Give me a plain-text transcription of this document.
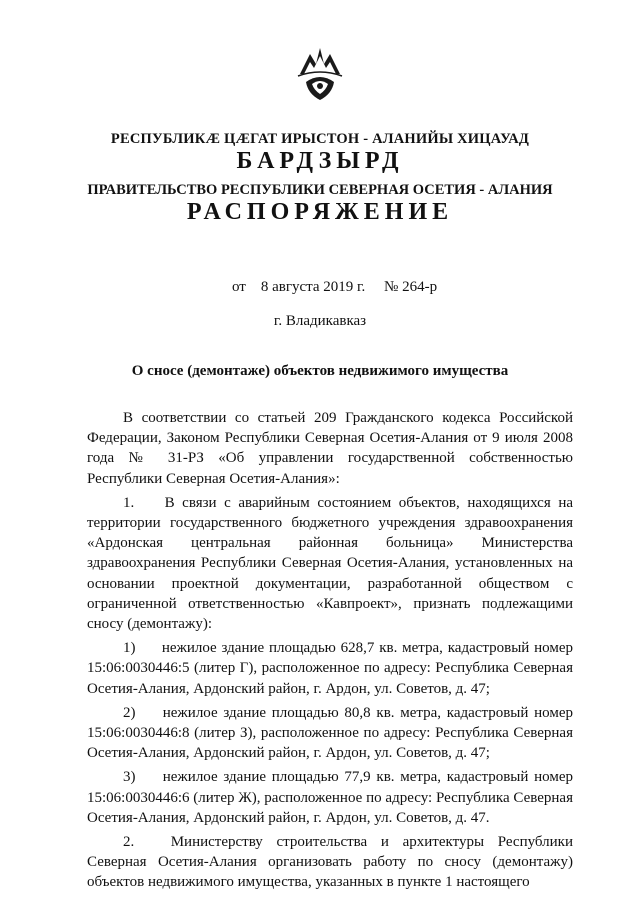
РЕСПУБЛИКӔ ЦӔГАТ ИРЫСТОН - АЛАНИЙЫ ХИЦАУАД
БАРДЗЫРД
ПРАВИТЕЛЬСТВО РЕСПУБЛИКИ СЕВЕРНАЯ ОСЕТИЯ - АЛАНИЯ
РАСПОРЯЖЕНИЕ
от 8 августа 2019 г. № 264-р
г. Владикавказ
О сносе (демонтаже) объектов недвижимого имущества

В соответствии со статьей 209 Гражданского кодекса Российской Федерации, Законом Республики Северная Осетия-Алания от 9 июля 2008 года № 31-РЗ «Об управлении государственной собственностью Республики Северная Осетия-Алания»:

1. В связи с аварийным состоянием объектов, находящихся на территории государственного бюджетного учреждения здравоохранения «Ардонская центральная районная больница» Министерства здравоохранения Республики Северная Осетия-Алания, установленных на основании проектной документации, разработанной обществом с ограниченной ответственностью «Кавпроект», признать подлежащими сносу (демонтажу):

1) нежилое здание площадью 628,7 кв. метра, кадастровый номер 15:06:0030446:5 (литер Г), расположенное по адресу: Республика Северная Осетия-Алания, Ардонский район, г. Ардон, ул. Советов, д. 47;

2) нежилое здание площадью 80,8 кв. метра, кадастровый номер 15:06:0030446:8 (литер З), расположенное по адресу: Республика Северная Осетия-Алания, Ардонский район, г. Ардон, ул. Советов, д. 47;

3) нежилое здание площадью 77,9 кв. метра, кадастровый номер 15:06:0030446:6 (литер Ж), расположенное по адресу: Республика Северная Осетия-Алания, Ардонский район, г. Ардон, ул. Советов, д. 47.

2. Министерству строительства и архитектуры Республики Северная Осетия-Алания организовать работу по сносу (демонтажу) объектов недвижимого имущества, указанных в пункте 1 настоящего
